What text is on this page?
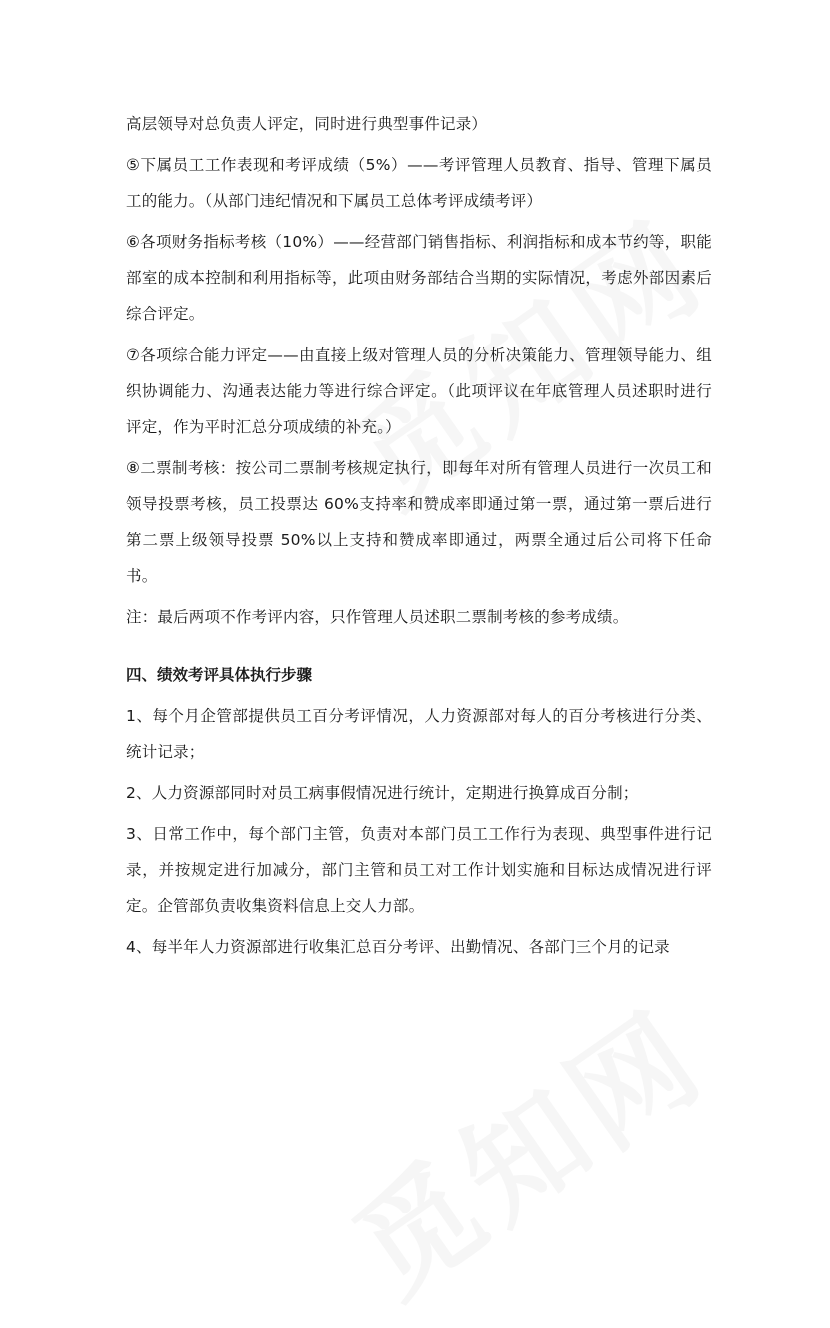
高层领导对总负责人评定，同时进行典型事件记录）

⑤下属员工工作表现和考评成绩（5%）——考评管理人员教育、指导、管理下属员工的能力。（从部门违纪情况和下属员工总体考评成绩考评）

⑥各项财务指标考核（10%）——经营部门销售指标、利润指标和成本节约等，职能部室的成本控制和利用指标等，此项由财务部结合当期的实际情况，考虑外部因素后综合评定。

⑦各项综合能力评定——由直接上级对管理人员的分析决策能力、管理领导能力、组织协调能力、沟通表达能力等进行综合评定。（此项评议在年底管理人员述职时进行评定，作为平时汇总分项成绩的补充。）

⑧二票制考核：按公司二票制考核规定执行，即每年对所有管理人员进行一次员工和领导投票考核，员工投票达 60%支持率和赞成率即通过第一票，通过第一票后进行第二票上级领导投票 50%以上支持和赞成率即通过，两票全通过后公司将下任命书。

注：最后两项不作考评内容，只作管理人员述职二票制考核的参考成绩。

四、绩效考评具体执行步骤

1、每个月企管部提供员工百分考评情况，人力资源部对每人的百分考核进行分类、统计记录；

2、人力资源部同时对员工病事假情况进行统计，定期进行换算成百分制；

3、日常工作中，每个部门主管，负责对本部门员工工作行为表现、典型事件进行记录，并按规定进行加减分，部门主管和员工对工作计划实施和目标达成情况进行评定。企管部负责收集资料信息上交人力部。

4、每半年人力资源部进行收集汇总百分考评、出勤情况、各部门三个月的记录
